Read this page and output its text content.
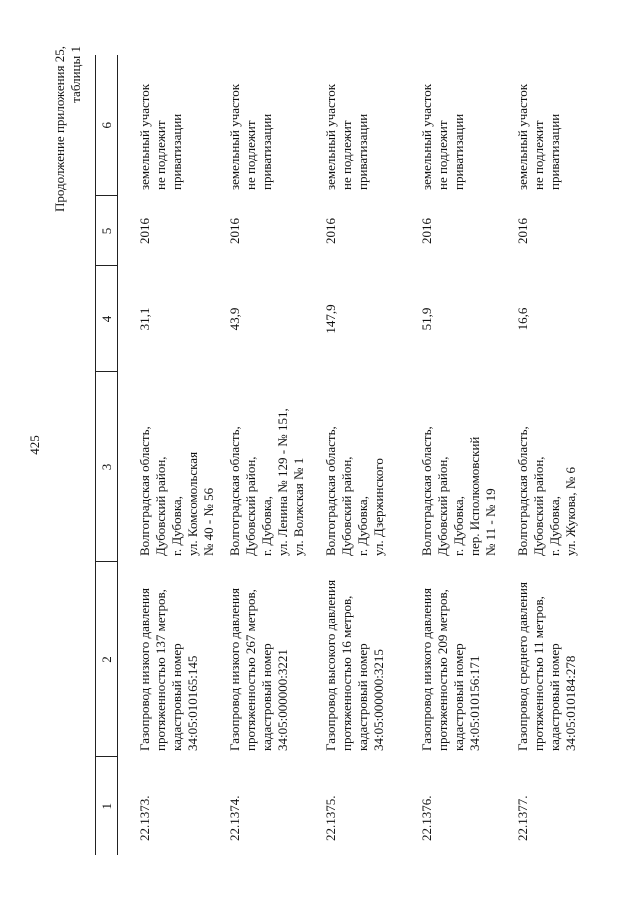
425
Продолжение приложения 25, таблицы 1
1	2	3	4	5	6
22.1373.	Газопровод низкого давления
протяженностью 137 метров,
кадастровый номер
34:05:010165:145	Волгоградская область,
Дубовский район,
г. Дубовка,
ул. Комсомольская
№ 40 - № 56	31,1	2016	земельный участок
не подлежит
приватизации
22.1374.	Газопровод низкого давления
протяженностью 267 метров,
кадастровый номер
34:05:000000:3221	Волгоградская область,
Дубовский район,
г. Дубовка,
ул. Ленина № 129 - № 151,
ул. Волжская № 1	43,9	2016	земельный участок
не подлежит
приватизации
22.1375.	Газопровод высокого давления
протяженностью 16 метров,
кадастровый номер
34:05:000000:3215	Волгоградская область,
Дубовский район,
г. Дубовка,
ул. Дзержинского	147,9	2016	земельный участок
не подлежит
приватизации
22.1376.	Газопровод низкого давления
протяженностью 209 метров,
кадастровый номер
34:05:010156:171	Волгоградская область,
Дубовский район,
г. Дубовка,
пер. Исполкомовский
№ 11 - № 19	51,9	2016	земельный участок
не подлежит
приватизации
22.1377.	Газопровод среднего давления
протяженностью 11 метров,
кадастровый номер
34:05:010184:278	Волгоградская область,
Дубовский район,
г. Дубовка,
ул. Жукова, № 6	16,6	2016	земельный участок
не подлежит
приватизации
